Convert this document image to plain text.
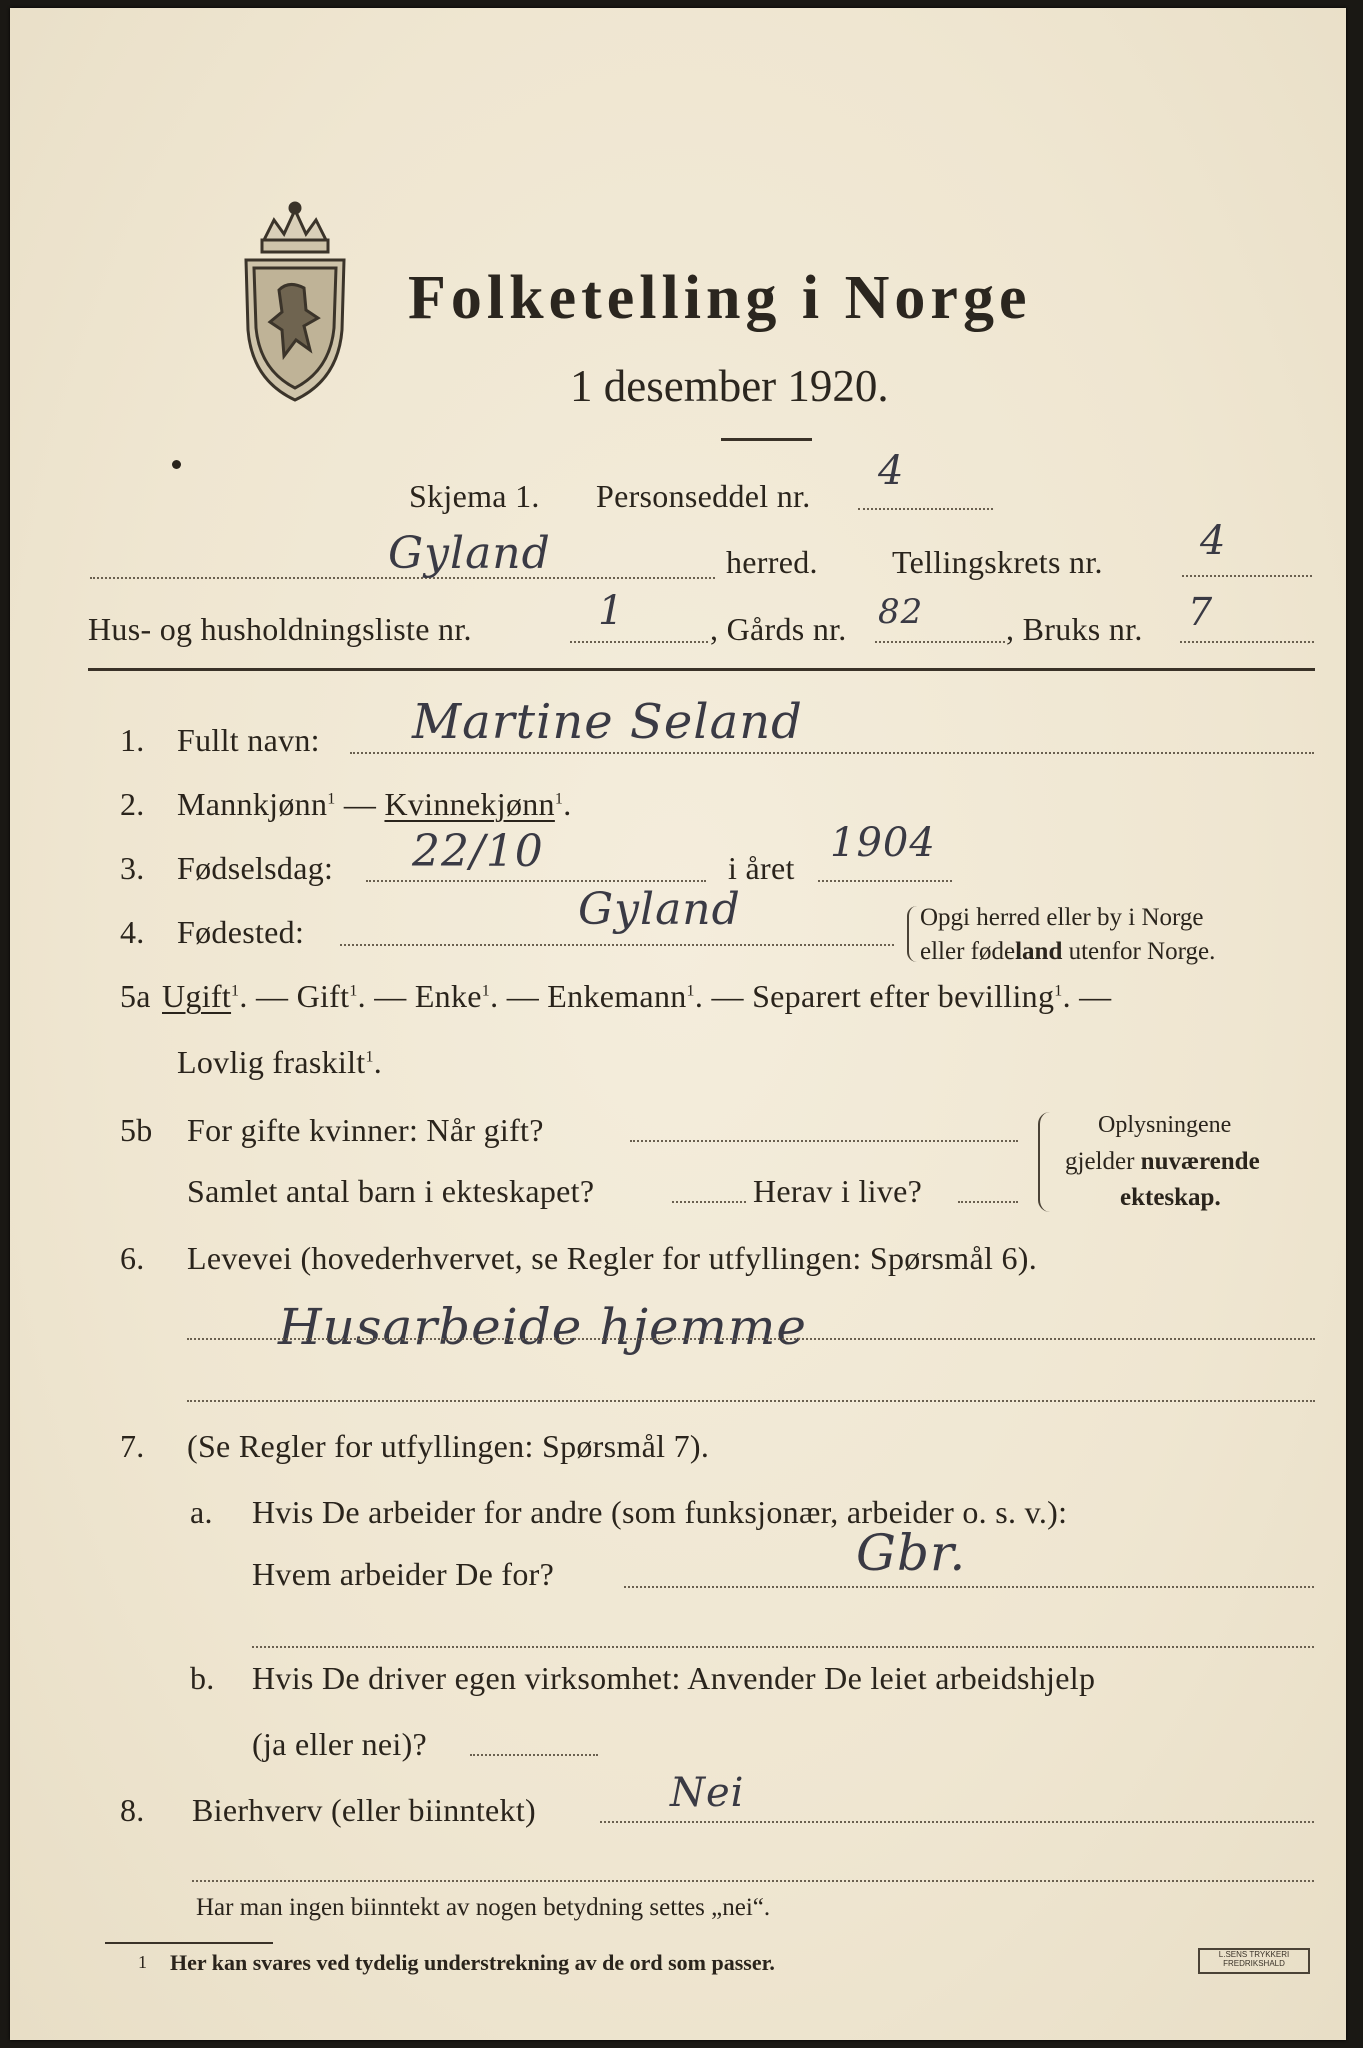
Folketelling i Norge
1 desember 1920.
Skjema 1. Personseddel nr.
4
Gyland	herred. Tellingskrets nr. 4
Hus- og husholdningsliste nr.	1	, Gårds nr. 82	, Bruks nr. 7
1. Fullt navn: Martine Seland
2. Mannkjønn$^1$ — Kvinnekjønn$^1$.
3. Fødselsdag: 22/10	i året
1904
4. Fødested:	Gyland	Opgi herred eller by i Norge
eller fødeland utenfor Norge.
5a Ugift$^1$. — Gift$^1$. — Enke$^1$. — Enkemann$^1$. — Separert efter bevilling$^1$. —
Lovlig fraskilt$^1$.
5b For gifte kvinner: Når gift?
Samlet antal barn i ekteskapet?	Herav i live?
Oplysningene
gjelder nuværende
ekteskap.
6. Levevei (hovederhvervet, se Regler for utfyllingen: Spørsmål 6).
Husarbeide hjemme
7. (Se Regler for utfyllingen: Spørsmål 7).
a. Hvis De arbeider for andre (som funksjonær, arbeider o. s. v.):
Hvem arbeider De for?	Gbr.
b. Hvis De driver egen virksomhet: Anvender De leiet arbeidshjelp
(ja eller nei)?
8. Bierhverv (eller biinntekt)	Nei
Har man ingen biinntekt av nogen betydning settes „nei“.
1 Her kan svares ved tydelig understrekning av de ord som passer.	L.SENS TRYKKERI
FREDRIKSHALD
